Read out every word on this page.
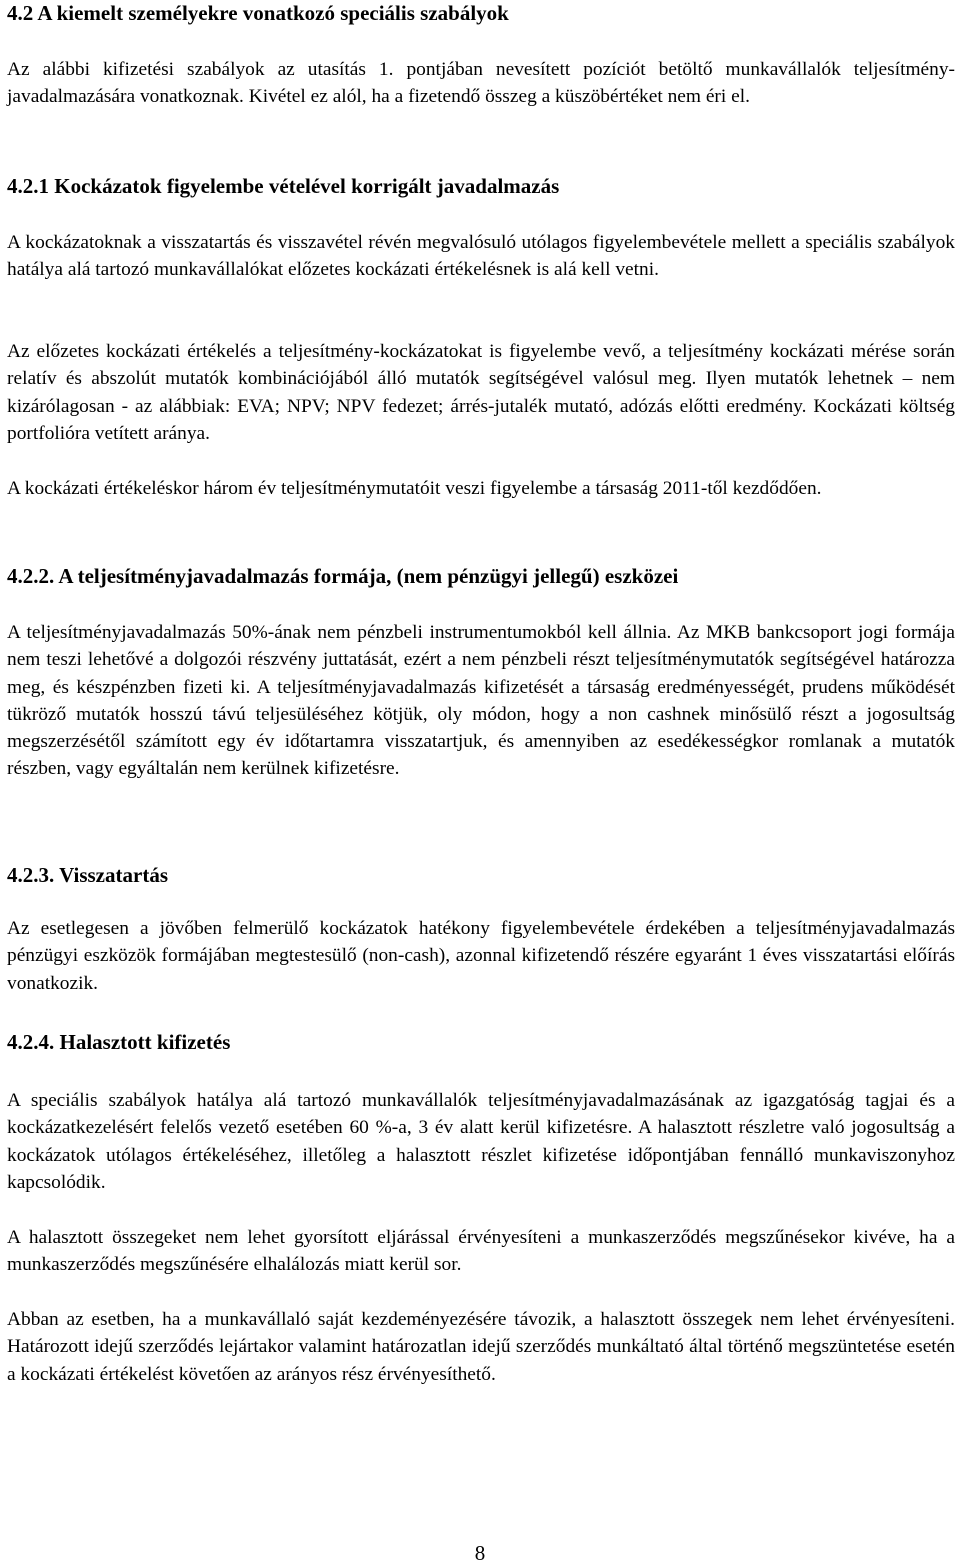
4.2 A kiemelt személyekre vonatkozó speciális szabályok

Az alábbi kifizetési szabályok az utasítás 1. pontjában nevesített pozíciót betöltő munkavállalók teljesítmény-javadalmazására vonatkoznak. Kivétel ez alól, ha a fizetendő összeg a küszöbértéket nem éri el.

4.2.1 Kockázatok figyelembe vételével korrigált javadalmazás

A kockázatoknak a visszatartás és visszavétel révén megvalósuló utólagos figyelembevétele mellett a speciális szabályok hatálya alá tartozó munkavállalókat előzetes kockázati értékelésnek is alá kell vetni.

Az előzetes kockázati értékelés a teljesítmény-kockázatokat is figyelembe vevő, a teljesítmény kockázati mérése során relatív és abszolút mutatók kombinációjából álló mutatók segítségével valósul meg. Ilyen mutatók lehetnek – nem kizárólagosan - az alábbiak: EVA; NPV; NPV fedezet; árrés-jutalék mutató, adózás előtti eredmény. Kockázati költség portfolióra vetített aránya.

A kockázati értékeléskor három év teljesítménymutatóit veszi figyelembe a társaság 2011-től kezdődően.

4.2.2. A teljesítményjavadalmazás formája, (nem pénzügyi jellegű) eszközei

A teljesítményjavadalmazás 50%-ának nem pénzbeli instrumentumokból kell állnia. Az MKB bankcsoport jogi formája nem teszi lehetővé a dolgozói részvény juttatását, ezért a nem pénzbeli részt teljesítménymutatók segítségével határozza meg, és készpénzben fizeti ki. A teljesítményjavadalmazás kifizetését a társaság eredményességét, prudens működését tükröző mutatók hosszú távú teljesüléséhez kötjük, oly módon, hogy a non cashnek minősülő részt a jogosultság megszerzésétől számított egy év időtartamra visszatartjuk, és amennyiben az esedékességkor romlanak a mutatók részben, vagy egyáltalán nem kerülnek kifizetésre.

4.2.3. Visszatartás

Az esetlegesen a jövőben felmerülő kockázatok hatékony figyelembevétele érdekében a teljesítményjavadalmazás pénzügyi eszközök formájában megtestesülő (non-cash), azonnal kifizetendő részére egyaránt 1 éves visszatartási előírás vonatkozik.

4.2.4. Halasztott kifizetés

A speciális szabályok hatálya alá tartozó munkavállalók teljesítményjavadalmazásának az igazgatóság tagjai és a kockázatkezelésért felelős vezető esetében 60 %-a, 3 év alatt kerül kifizetésre. A halasztott részletre való jogosultság a kockázatok utólagos értékeléséhez, illetőleg a halasztott részlet kifizetése időpontjában fennálló munkaviszonyhoz kapcsolódik.

A halasztott összegeket nem lehet gyorsított eljárással érvényesíteni a munkaszerződés megszűnésekor kivéve, ha a munkaszerződés megszűnésére elhalálozás miatt kerül sor.

Abban az esetben, ha a munkavállaló saját kezdeményezésére távozik, a halasztott összegek nem lehet érvényesíteni. Határozott idejű szerződés lejártakor valamint határozatlan idejű szerződés munkáltató által történő megszüntetése esetén a kockázati értékelést követően az arányos rész érvényesíthető.

8
